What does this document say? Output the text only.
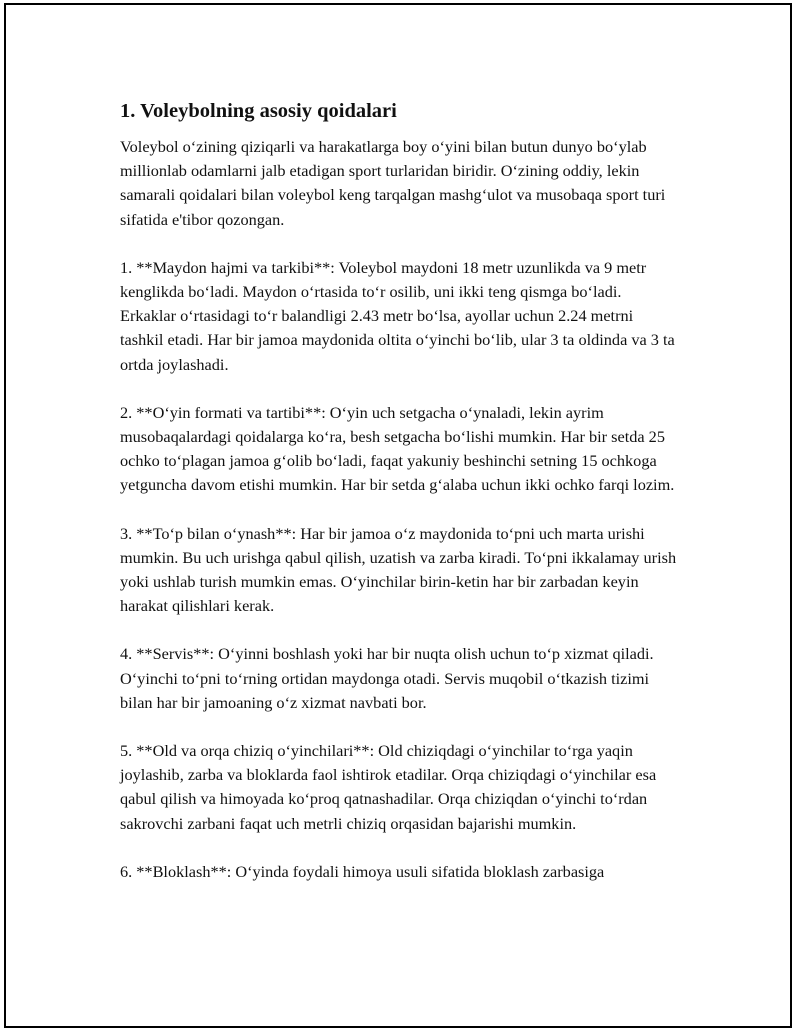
1. Voleybolning asosiy qoidalari

Voleybol o‘zining qiziqarli va harakatlarga boy o‘yini bilan butun dunyo bo‘ylab millionlab odamlarni jalb etadigan sport turlaridan biridir. O‘zining oddiy, lekin samarali qoidalari bilan voleybol keng tarqalgan mashg‘ulot va musobaqa sport turi sifatida e'tibor qozongan.

1. **Maydon hajmi va tarkibi**: Voleybol maydoni 18 metr uzunlikda va 9 metr kenglikda bo‘ladi. Maydon o‘rtasida to‘r osilib, uni ikki teng qismga bo‘ladi. Erkaklar o‘rtasidagi to‘r balandligi 2.43 metr bo‘lsa, ayollar uchun 2.24 metrni tashkil etadi. Har bir jamoa maydonida oltita o‘yinchi bo‘lib, ular 3 ta oldinda va 3 ta ortda joylashadi.

2. **O‘yin formati va tartibi**: O‘yin uch setgacha o‘ynaladi, lekin ayrim musobaqalardagi qoidalarga ko‘ra, besh setgacha bo‘lishi mumkin. Har bir setda 25 ochko to‘plagan jamoa g‘olib bo‘ladi, faqat yakuniy beshinchi setning 15 ochkoga yetguncha davom etishi mumkin. Har bir setda g‘alaba uchun ikki ochko farqi lozim.

3. **To‘p bilan o‘ynash**: Har bir jamoa o‘z maydonida to‘pni uch marta urishi mumkin. Bu uch urishga qabul qilish, uzatish va zarba kiradi. To‘pni ikkalamay urish yoki ushlab turish mumkin emas. O‘yinchilar birin-ketin har bir zarbadan keyin harakat qilishlari kerak.

4. **Servis**: O‘yinni boshlash yoki har bir nuqta olish uchun to‘p xizmat qiladi. O‘yinchi to‘pni to‘rning ortidan maydonga otadi. Servis muqobil o‘tkazish tizimi bilan har bir jamoaning o‘z xizmat navbati bor.

5. **Old va orqa chiziq o‘yinchilari**: Old chiziqdagi o‘yinchilar to‘rga yaqin joylashib, zarba va bloklarda faol ishtirok etadilar. Orqa chiziqdagi o‘yinchilar esa qabul qilish va himoyada ko‘proq qatnashadilar. Orqa chiziqdan o‘yinchi to‘rdan sakrovchi zarbani faqat uch metrli chiziq orqasidan bajarishi mumkin.

6. **Bloklash**: O‘yinda foydali himoya usuli sifatida bloklash zarbasiga
